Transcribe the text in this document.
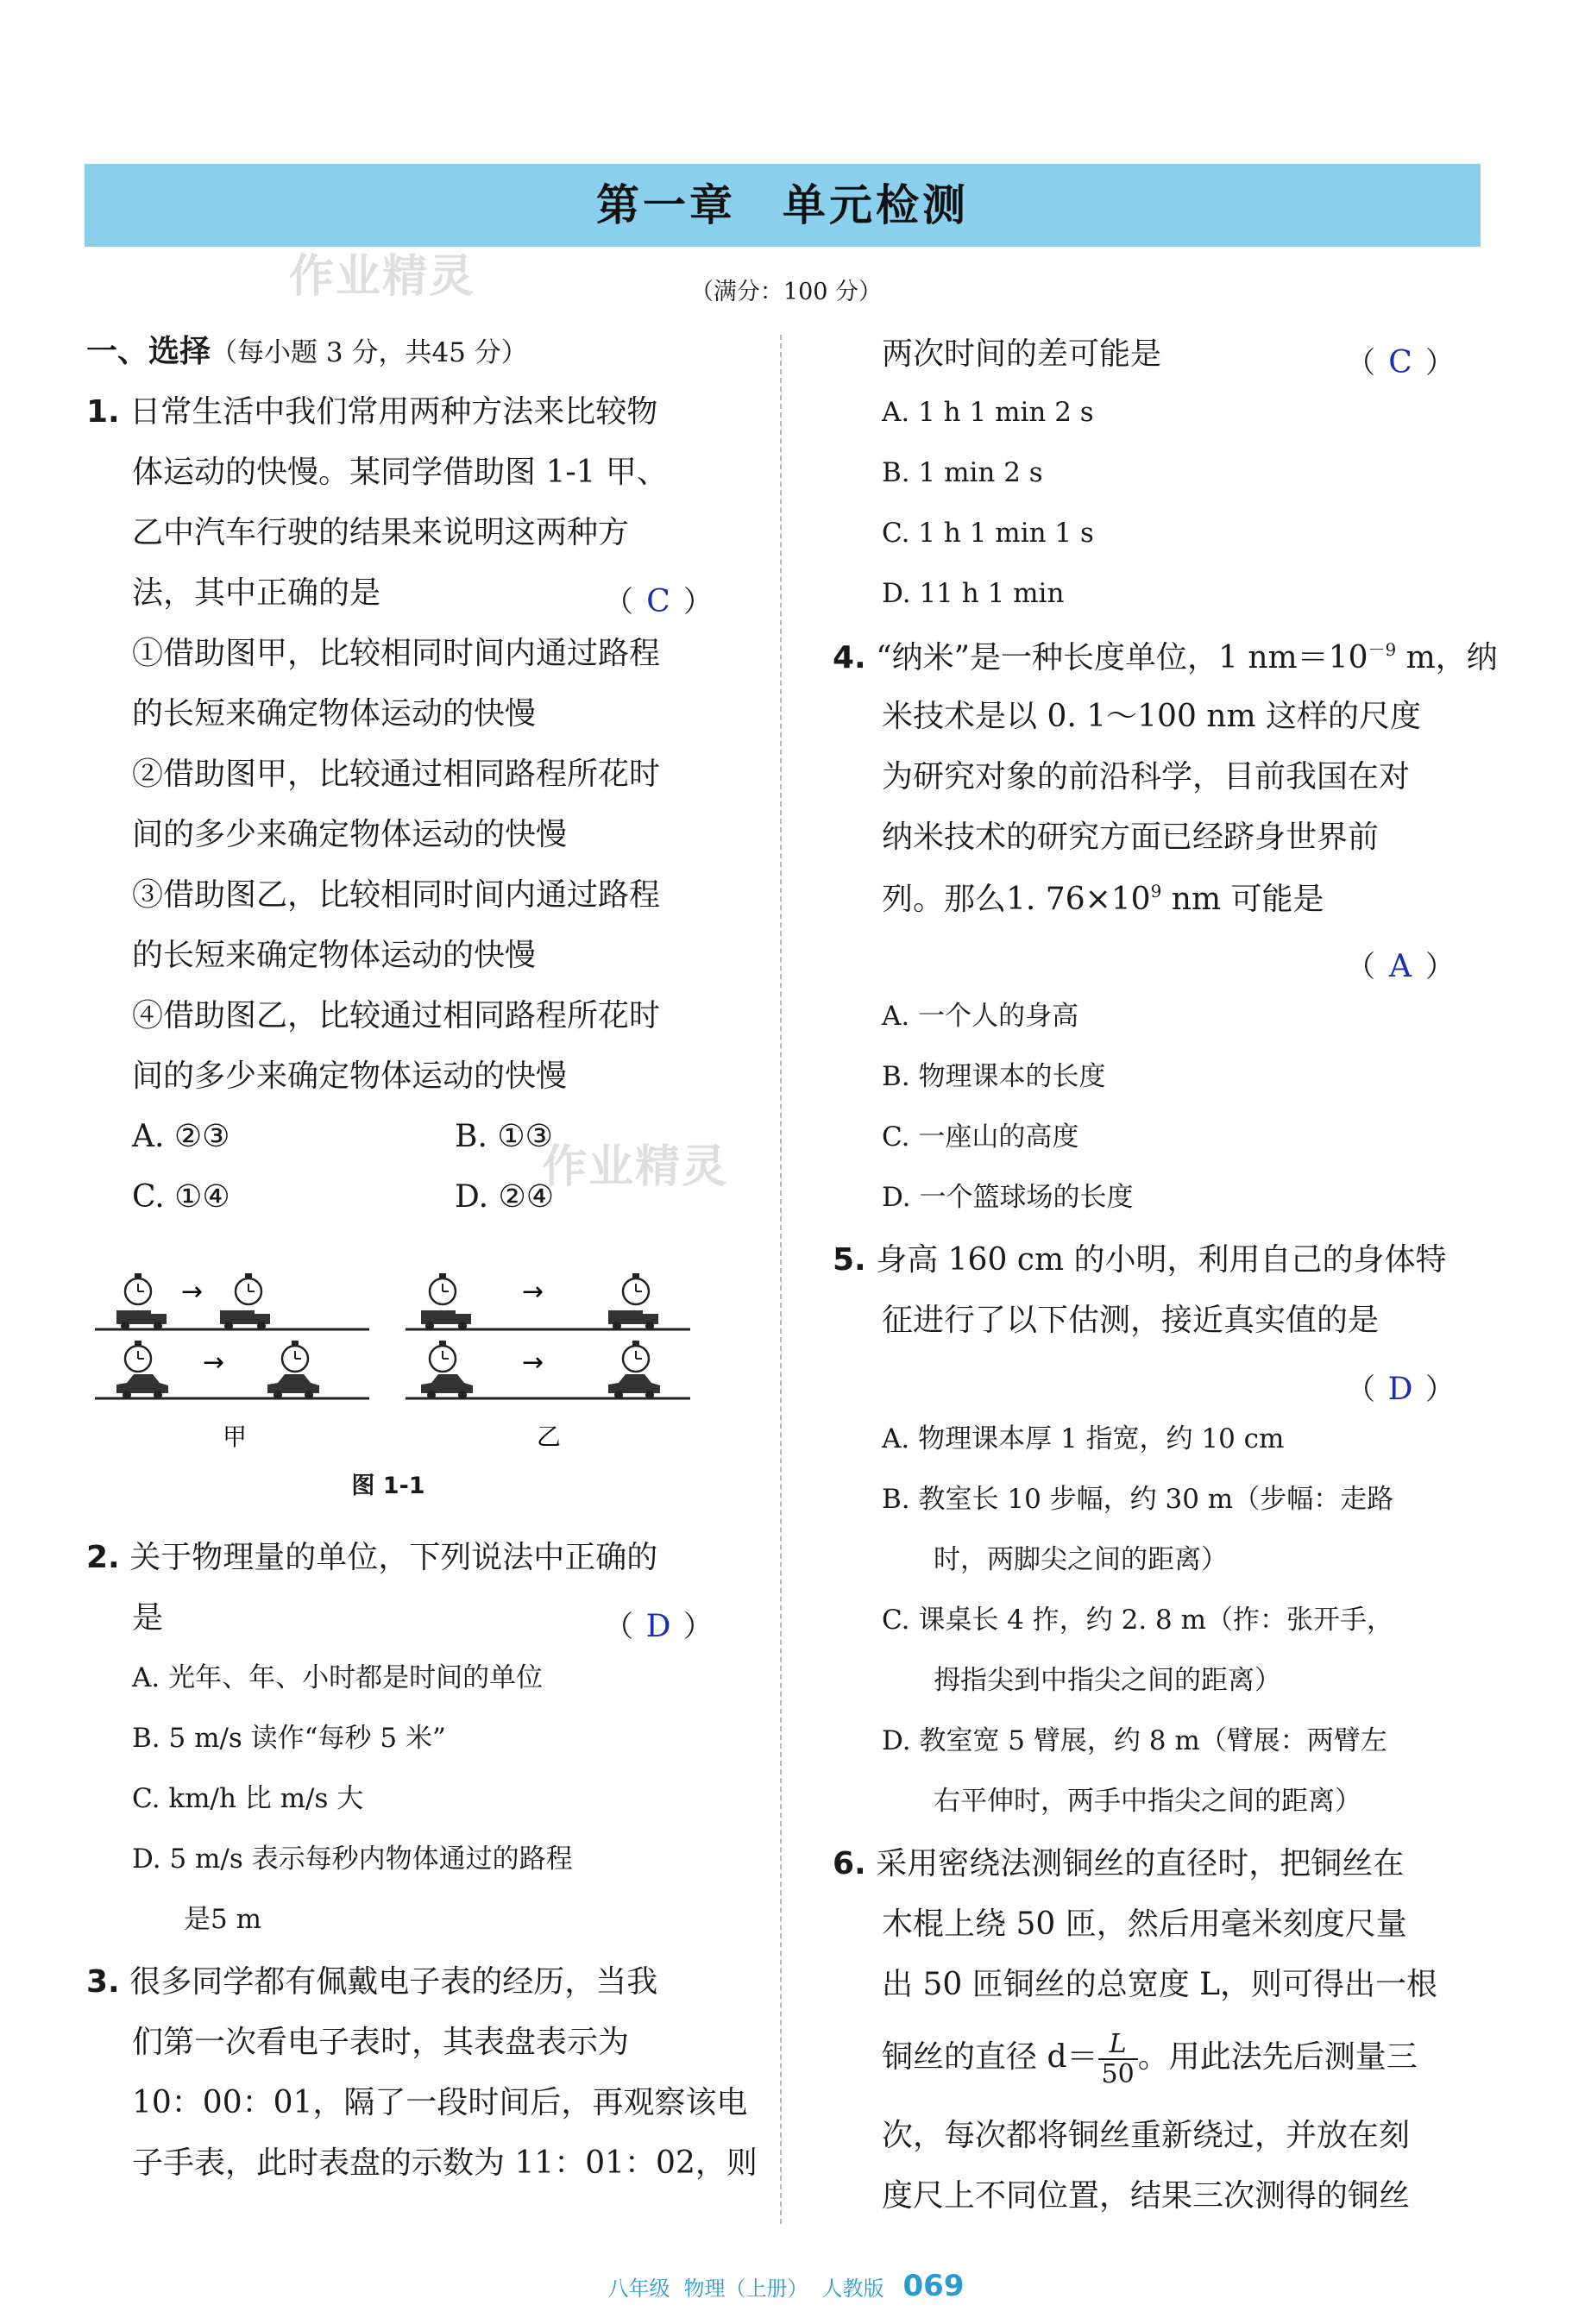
第一章　单元检测
作业精灵
作业精灵
（满分：100 分）
一、选择（每小题 3 分，共45 分）
1. 日常生活中我们常用两种方法来比较物
体运动的快慢。某同学借助图 1-1 甲、
乙中汽车行驶的结果来说明这两种方
法，其中正确的是	（ C ）
①借助图甲，比较相同时间内通过路程
的长短来确定物体运动的快慢
②借助图甲，比较通过相同路程所花时
间的多少来确定物体运动的快慢
③借助图乙，比较相同时间内通过路程
的长短来确定物体运动的快慢
④借助图乙，比较通过相同路程所花时
间的多少来确定物体运动的快慢
A. ②③	B. ①③
C. ①④	D. ②④
→
→
甲
→
→
乙
图 1-1
2. 关于物理量的单位，下列说法中正确的
是	（ D ）
A. 光年、年、小时都是时间的单位
B. 5 m/s 读作“每秒 5 米”
C. km/h 比 m/s 大
D. 5 m/s 表示每秒内物体通过的路程
是5 m
3. 很多同学都有佩戴电子表的经历，当我
们第一次看电子表时，其表盘表示为
10：00：01，隔了一段时间后，再观察该电
子手表，此时表盘的示数为 11：01：02，则
两次时间的差可能是	（ C ）
A. 1 h 1 min 2 s
B. 1 min 2 s
C. 1 h 1 min 1 s
D. 11 h 1 min
4. “纳米”是一种长度单位，1 $nm=10^{-9}$ m，纳
米技术是以 0. 1～100 nm 这样的尺度
为研究对象的前沿科学，目前我国在对
纳米技术的研究方面已经跻身世界前
列。那么1. $76\times 10^9$ nm 可能是
（ A ）
A. 一个人的身高
B. 物理课本的长度
C. 一座山的高度
D. 一个篮球场的长度
5. 身高 160 cm 的小明，利用自己的身体特
征进行了以下估测，接近真实值的是
（ D ）
A. 物理课本厚 1 指宽，约 10 cm
B. 教室长 10 步幅，约 30 m（步幅：走路
时，两脚尖之间的距离）
C. 课桌长 4 拃，约 2. 8 m（拃：张开手，
拇指尖到中指尖之间的距离）
D. 教室宽 5 臂展，约 8 m（臂展：两臂左
右平伸时，两手中指尖之间的距离）
6. 采用密绕法测铜丝的直径时，把铜丝在
木棍上绕 50 匝，然后用毫米刻度尺量
出 50 匝铜丝的总宽度 L，则可得出一根
铜丝的直径 $d= \frac{L}{50}$ 。用此法先后测量三
次，每次都将铜丝重新绕过，并放在刻
度尺上不同位置，结果三次测得的铜丝
八年级 物理（上册） 人教版 069
